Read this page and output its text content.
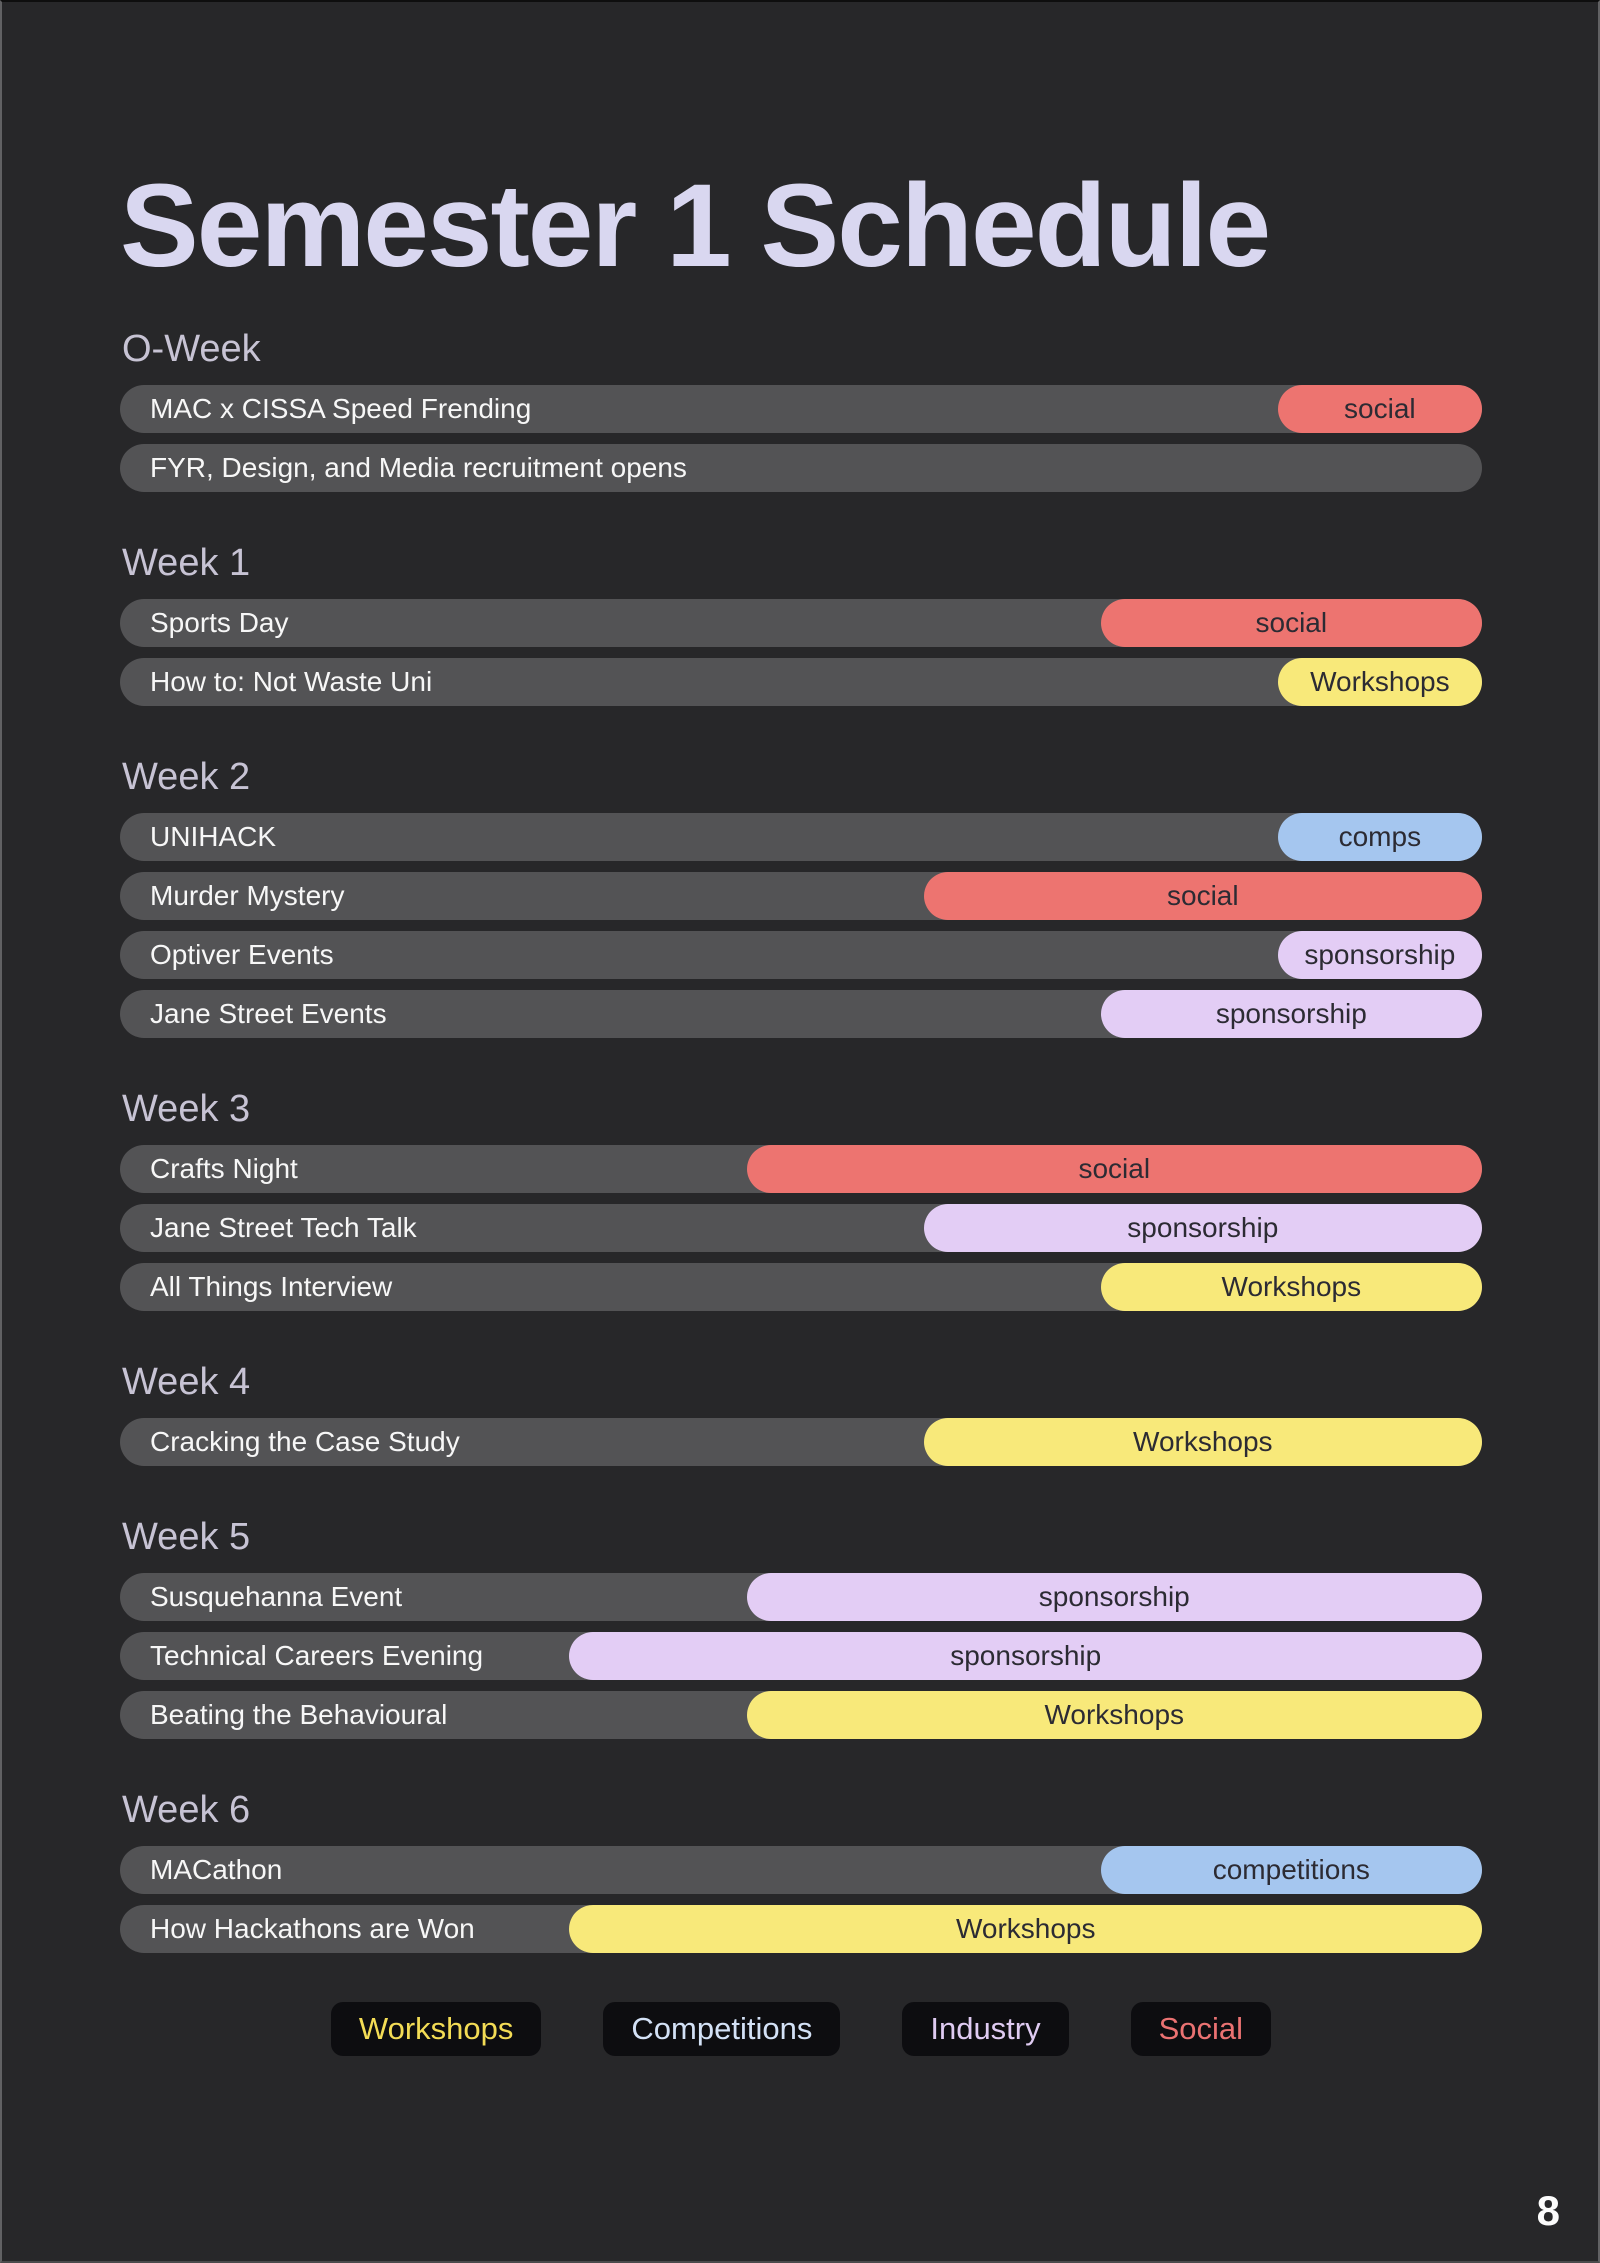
Semester 1 Schedule
O-Week
MAC x CISSA Speed Frending	social
FYR, Design, and Media recruitment opens
Week 1
Sports Day	social
How to: Not Waste Uni	Workshops
Week 2
UNIHACK	comps
Murder Mystery	social
Optiver Events	sponsorship
Jane Street Events	sponsorship
Week 3
Crafts Night	social
Jane Street Tech Talk	sponsorship
All Things Interview	Workshops
Week 4
Cracking the Case Study	Workshops
Week 5
Susquehanna Event	sponsorship
Technical Careers Evening	sponsorship
Beating the Behavioural	Workshops
Week 6
MACathon	competitions
How Hackathons are Won	Workshops
Workshops	Competitions	Industry	Social
8
